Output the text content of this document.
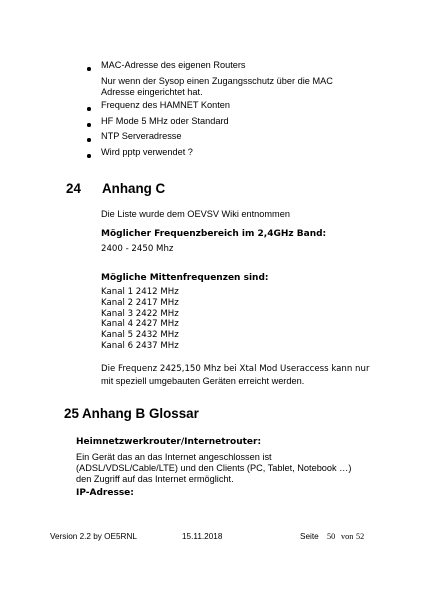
MAC-Adresse des eigenen Routers
Nur wenn der Sysop einen Zugangsschutz über die MAC
Adresse eingerichtet hat.
Frequenz des HAMNET Konten
HF Mode 5 MHz oder Standard
NTP Serveradresse
Wird pptp verwendet ?
24 Anhang C
Die Liste wurde dem OEVSV Wiki entnommen
Möglicher Frequenzbereich im 2,4GHz Band:
2400 - 2450 Mhz
Mögliche Mittenfrequenzen sind:
Kanal 1 2412 MHz
Kanal 2 2417 MHz
Kanal 3 2422 MHz
Kanal 4 2427 MHz
Kanal 5 2432 MHz
Kanal 6 2437 MHz
Die Frequenz 2425,150 Mhz bei Xtal Mod Useraccess kann nur
mit speziell umgebauten Geräten erreicht werden.
25 Anhang B Glossar
Heimnetzwerkrouter/Internetrouter:
Ein Gerät das an das Internet angeschlossen ist
(ADSL/VDSL/Cable/LTE) und den Clients (PC, Tablet, Notebook …)
den Zugriff auf das Internet ermöglicht.
IP-Adresse:
Version 2.2 by OE5RNL	15.11.2018	Seite 50 von 52
